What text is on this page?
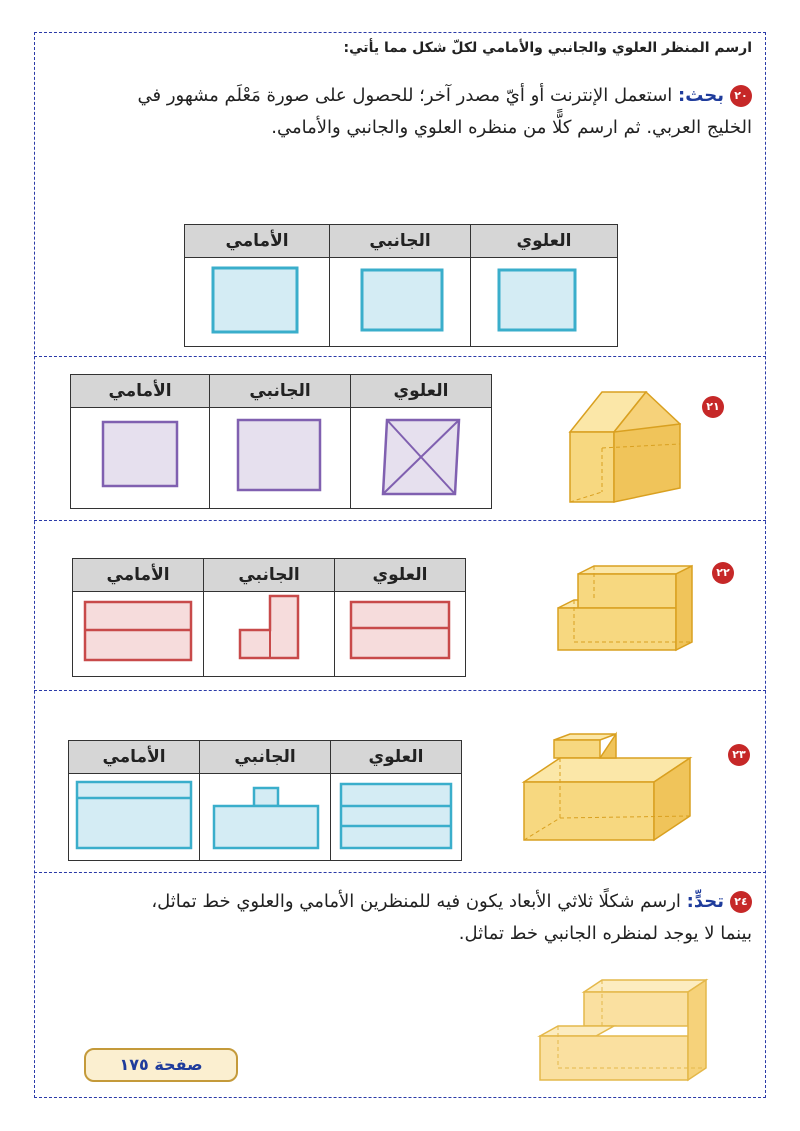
ارسم المنظر العلوي والجانبي والأمامي لكلّ شكل مما يأتي:
٢٠بحث: استعمل الإنترنت أو أيّ مصدر آخر؛ للحصول على صورة مَعْلَم مشهور في
الخليج العربي. ثم ارسم كلًّا من منظره العلوي والجانبي والأمامي.
العلوي	الجانبي	الأمامي

العلوي	الجانبي	الأمامي

٢١
العلوي	الجانبي	الأمامي
			٢٢
العلوي	الجانبي	الأمامي
			٢٣
٢٤تحدٍّ: ارسم شكلًا ثلاثي الأبعاد يكون فيه للمنظرين الأمامي والعلوي خط تماثل،
بينما لا يوجد لمنظره الجانبي خط تماثل.
صفحة ١٧٥
